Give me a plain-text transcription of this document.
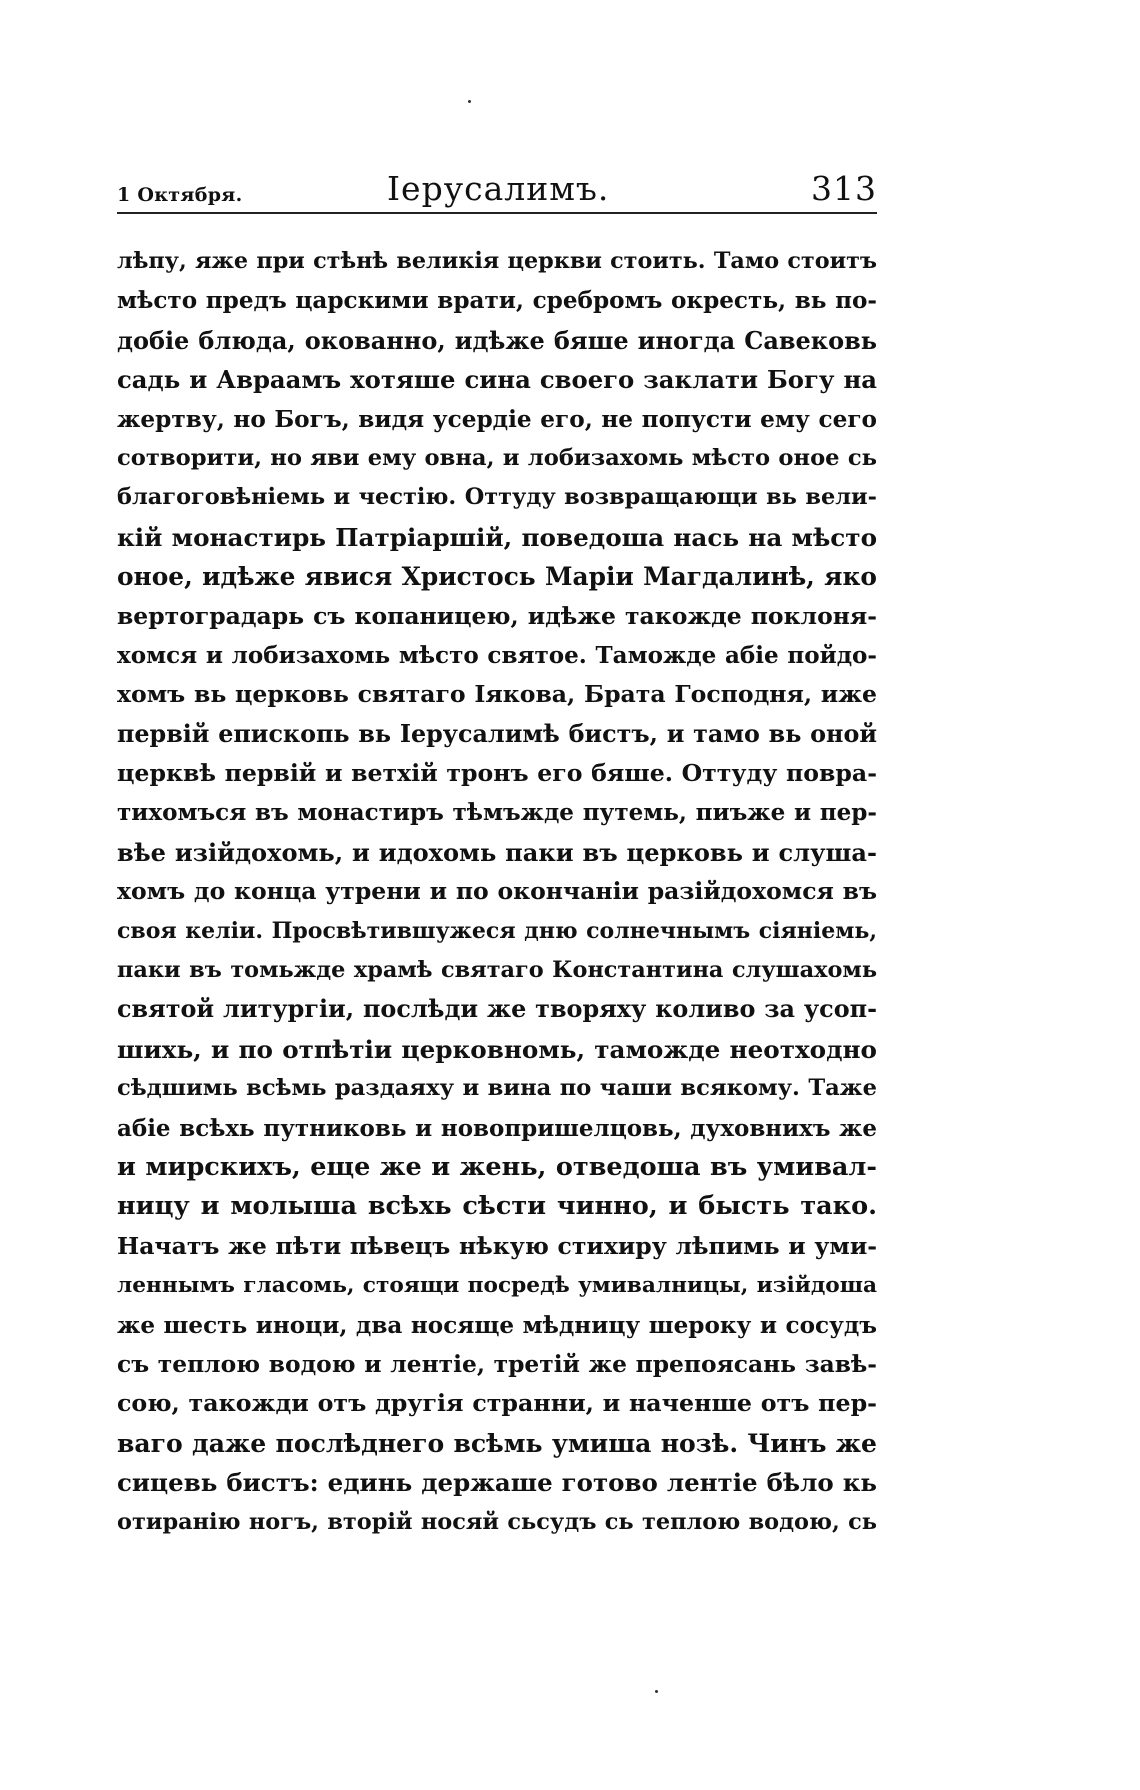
1 Октября.	Іерусалимъ.	313
лѣпу, яже при стѣнѣ великія церкви стоить. Тамо стоитъ
мѣсто предъ царскими врати, сребромъ окресть, вь по-
добіе блюда, окованно, идѣже бяше иногда Савековь
садь и Авраамъ хотяше сина своего заклати Богу на
жертву, но Богъ, видя усердіе его, не попусти ему сего
сотворити, но яви ему овна, и лобизахомь мѣсто оное сь
благоговѣніемь и честію. Оттуду возвращающи вь вели-
кій монастирь Патріаршій, поведоша нась на мѣсто
оное, идѣже явися Христось Маріи Магдалинѣ, яко
вертоградарь съ копаницею, идѣже такожде поклоня-
хомся и лобизахомь мѣсто святое. Таможде абіе пойдо-
хомъ вь церковь святаго Іякова, Брата Господня, иже
первій епископь вь Іерусалимѣ бистъ, и тамо вь оной
церквѣ первій и ветхій тронъ его бяше. Оттуду повра-
тихомъся въ монастиръ тѣмъжде путемь, пиъже и пер-
вѣе изійдохомь, и идохомь паки въ церковь и слуша-
хомъ до конца утрени и по окончаніи разійдохомся въ
своя келіи. Просвѣтившужеся дню солнечнымъ сіяніемь,
паки въ томьжде храмѣ святаго Константина слушахомь
святой литургіи, послѣди же творяху коливо за усоп-
шихь, и по отпѣтіи церковномь, таможде неотходно
сѣдшимь всѣмь раздаяху и вина по чаши всякому. Таже
абіе всѣхь путниковь и новопришелцовь, духовнихъ же
и мирскихъ, еще же и жень, отведоша въ умивал-
ницу и молыша всѣхь сѣсти чинно, и бысть тако.
Начатъ же пѣти пѣвецъ нѣкую стихиру лѣпимь и уми-
леннымъ гласомь, стоящи посредѣ умивалницы, изійдоша
же шесть иноци, два носяще мѣдницу шероку и сосудъ
съ теплою водою и лентіе, третій же препоясань завѣ-
сою, такожди отъ другія странни, и наченше отъ пер-
ваго даже послѣднего всѣмь умиша нозѣ. Чинъ же
сицевь бистъ: единь держаше готово лентіе бѣло кь
отиранію ногъ, вторій носяй сьсудъ сь теплою водою, сь
